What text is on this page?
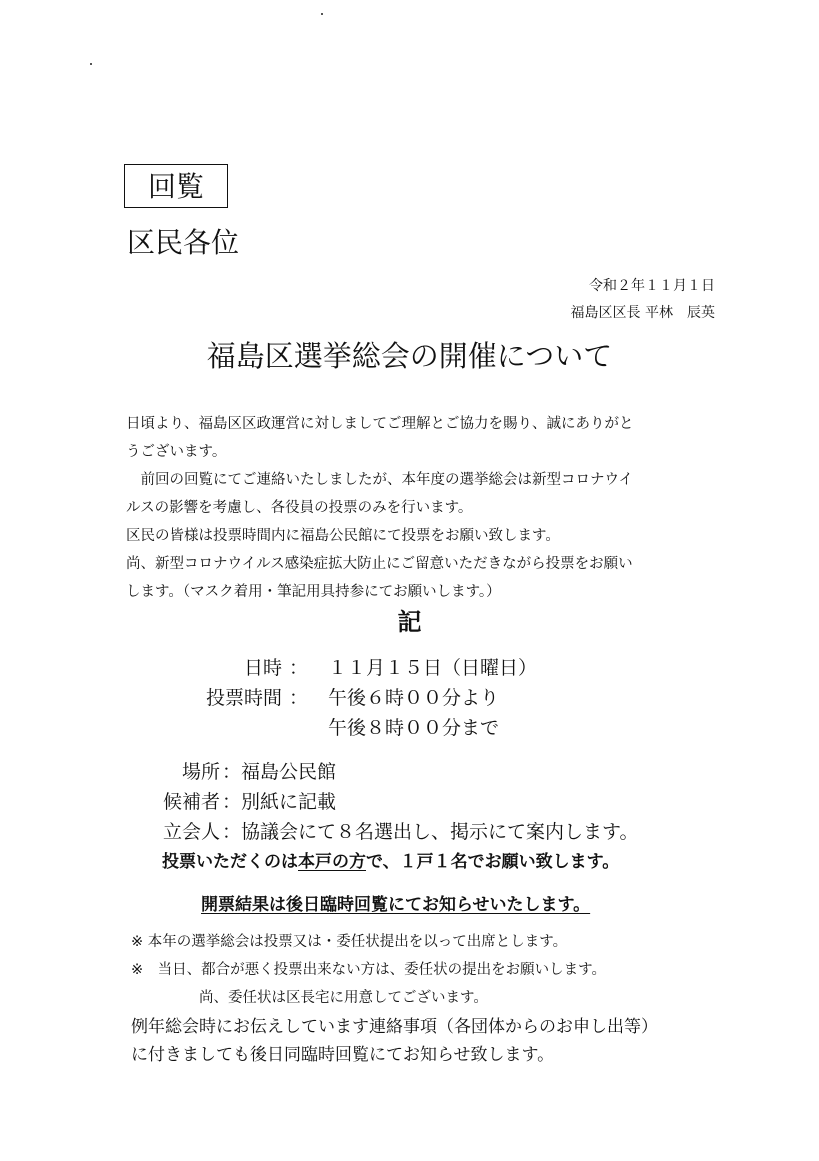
回覧
区民各位
令和２年１１月１日
福島区区長 平林　辰英
福島区選挙総会の開催について
日頃より、福島区区政運営に対しましてご理解とご協力を賜り、誠にありがと
うございます。
　前回の回覧にてご連絡いたしましたが、本年度の選挙総会は新型コロナウイ
ルスの影響を考慮し、各役員の投票のみを行います。
区民の皆様は投票時間内に福島公民館にて投票をお願い致します。
尚、新型コロナウイルス感染症拡大防止にご留意いただきながら投票をお願い
します。（マスク着用・筆記用具持参にてお願いします。）
記
日時 ： １１月１５日（日曜日）
投票時間 ： 午後６時００分より
午後８時００分まで
場所 ：福島公民館
候補者 ：別紙に記載
立会人 ：協議会にて８名選出し、掲示にて案内します。
投票いただくのは本戸の方で、１戸１名でお願い致します。
開票結果は後日臨時回覧にてお知らせいたします。
※ 本年の選挙総会は投票又は・委任状提出を以って出席とします。
※　当日、都合が悪く投票出来ない方は、委任状の提出をお願いします。
尚、委任状は区長宅に用意してございます。
例年総会時にお伝えしています連絡事項（各団体からのお申し出等）
に付きましても後日同臨時回覧にてお知らせ致します。
